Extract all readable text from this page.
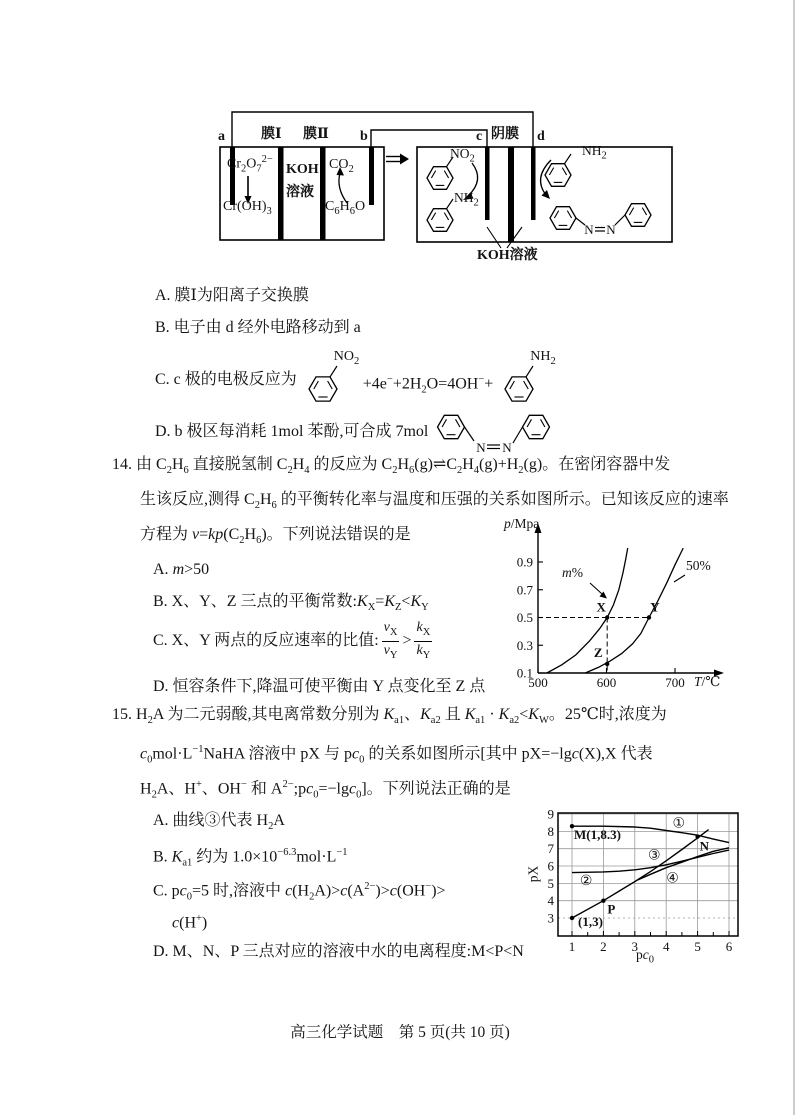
N N
a	膜Ⅰ 膜Ⅱ b	c 阴膜 d
$Cr_2O_7^{2-}$
$Cr(OH)_3$
KOH
溶液
$CO_2$
$C_6H_6O$
$NO_2$
$NH_2$
$NH_2$
KOH溶液
A. 膜Ⅰ为阳离子交换膜
B. 电子由 d 经外电路移动到 a
C. c 极的电极反应为
$NO_2$
$+4e^-+2H_2O=4OH^-+$
$NH_2$
D. b 极区每消耗 1mol 苯酚,可合成 7mol
N N
14. 由 $C_2H_6$ 直接脱氢制 $C_2H_4$ 的反应为 $C_2H_6(g)\rightleftharpoons C_2H_4(g)+H_2(g)$。在密闭容器中发
生该反应,测得 $C_2H_6$ 的平衡转化率与温度和压强的关系如图所示。已知该反应的速率
方程为 $v=kp(C_2H_6)$。下列说法错误的是
A. m>50
B. X、Y、Z 三点的平衡常数$:K_X=K_Z<K_Y$
C. X、Y 两点的反应速率的比值: $\frac{v_X}{v_Y} > \frac{k_X}{k_Y}$
D. 恒容条件下,降温可使平衡由 Y 点变化至 Z 点
0.1
0.3
0.5
0.7
0.9
500	600	700
X	Y
Z
p/Mpa
T/℃
m%	50%
15. $H_2A$ 为二元弱酸,其电离常数分别为 $K_{a1}$、$K_{a2}$ 且 $K_{a1} \cdot K_{a2}<K_W$。25℃时,浓度为
$c_0mol\cdot L^{-1}NaHA$ 溶液中 pX 与 $pc_0$ 的关系如图所示[其中 pX=−lgc(X),X 代表
$H_2A$、H+、OH− 和 $A^{2-};pc_0=-\lg c_0$]。下列说法正确的是
A. 曲线③代表 $H_2A$
B. $K_{a1}$ 约为 $1.0\times 10^{-6.3}mol\cdot L^{-1}$
C. $pc_0=5$ 时,溶液中 $c(H_2A)>c(A^{2-})>c(OH^-)>$
c(H+)
D. M、N、P 三点对应的溶液中水的电离程度:M<P<N
3
4
5
6
7
8
9
1 2 3 4 5 6
M(1,8.3)
(1,3)
P
N
①
②
③
④
pX
$pc_0$
高三化学试题　第 5 页(共 10 页)
